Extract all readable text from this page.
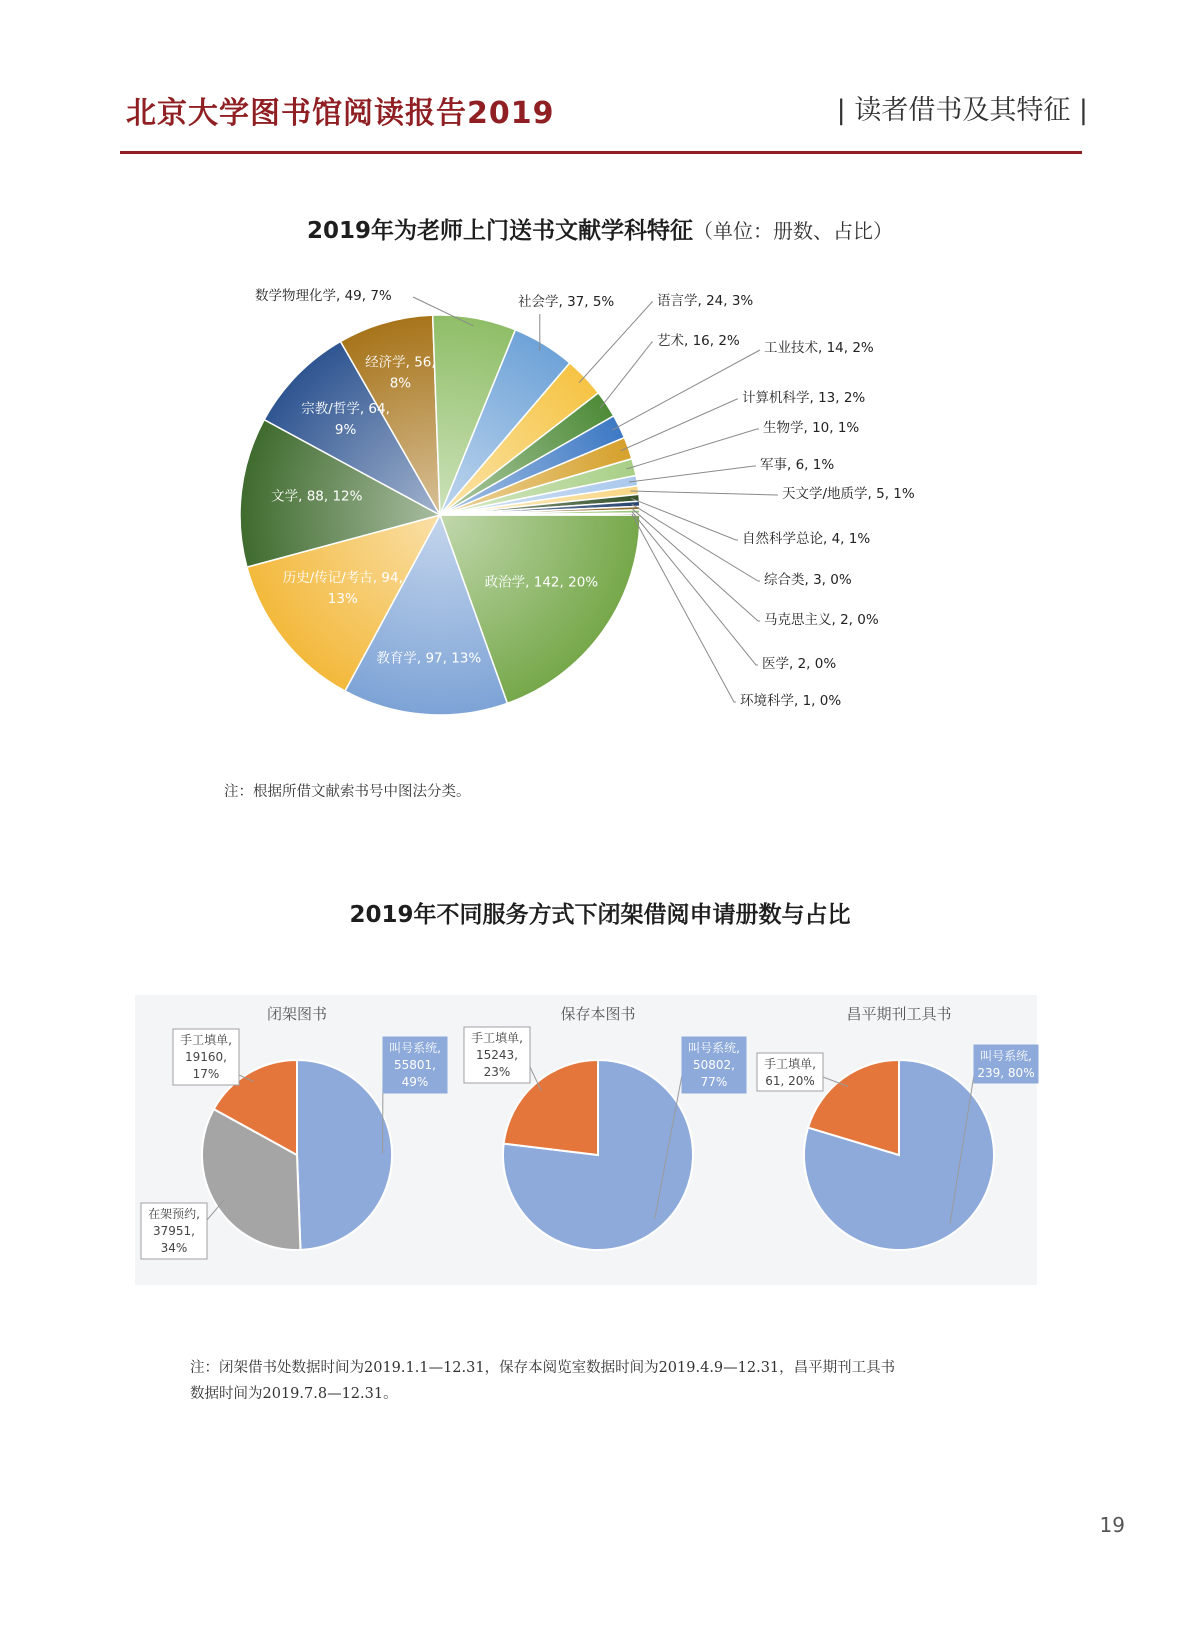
北京大学图书馆阅读报告2019	| 读者借书及其特征 |
2019年为老师上门送书文献学科特征（单位：册数、占比）
政治学, 142, 20%
教育学, 97, 13%
历史/传记/考古, 94, 13%
文学, 88, 12%
宗教/哲学, 64, 9%
经济学, 56, 8%
数学物理化学, 49, 7%	社会学, 37, 5%	语言学, 24, 3%
艺术, 16, 2% 工业技术, 14, 2%
计算机科学, 13, 2%
生物学, 10, 1%
军事, 6, 1%
天文学/地质学, 5, 1%
自然科学总论, 4, 1%
综合类, 3, 0%
马克思主义, 2, 0%
医学, 2, 0%
环境科学, 1, 0%
注：根据所借文献索书号中图法分类。
2019年不同服务方式下闭架借阅申请册数与占比
闭架图书
叫号系统, 55801, 49%
在架预约, 37951, 34%
手工填单, 19160, 17%
保存本图书
叫号系统, 50802, 77%
手工填单, 15243, 23%
昌平期刊工具书
叫号系统, 239, 80%
手工填单, 61, 20%
注：闭架借书处数据时间为2019.1.1—12.31，保存本阅览室数据时间为2019.4.9—12.31，昌平期刊工具书
数据时间为2019.7.8—12.31。
19
